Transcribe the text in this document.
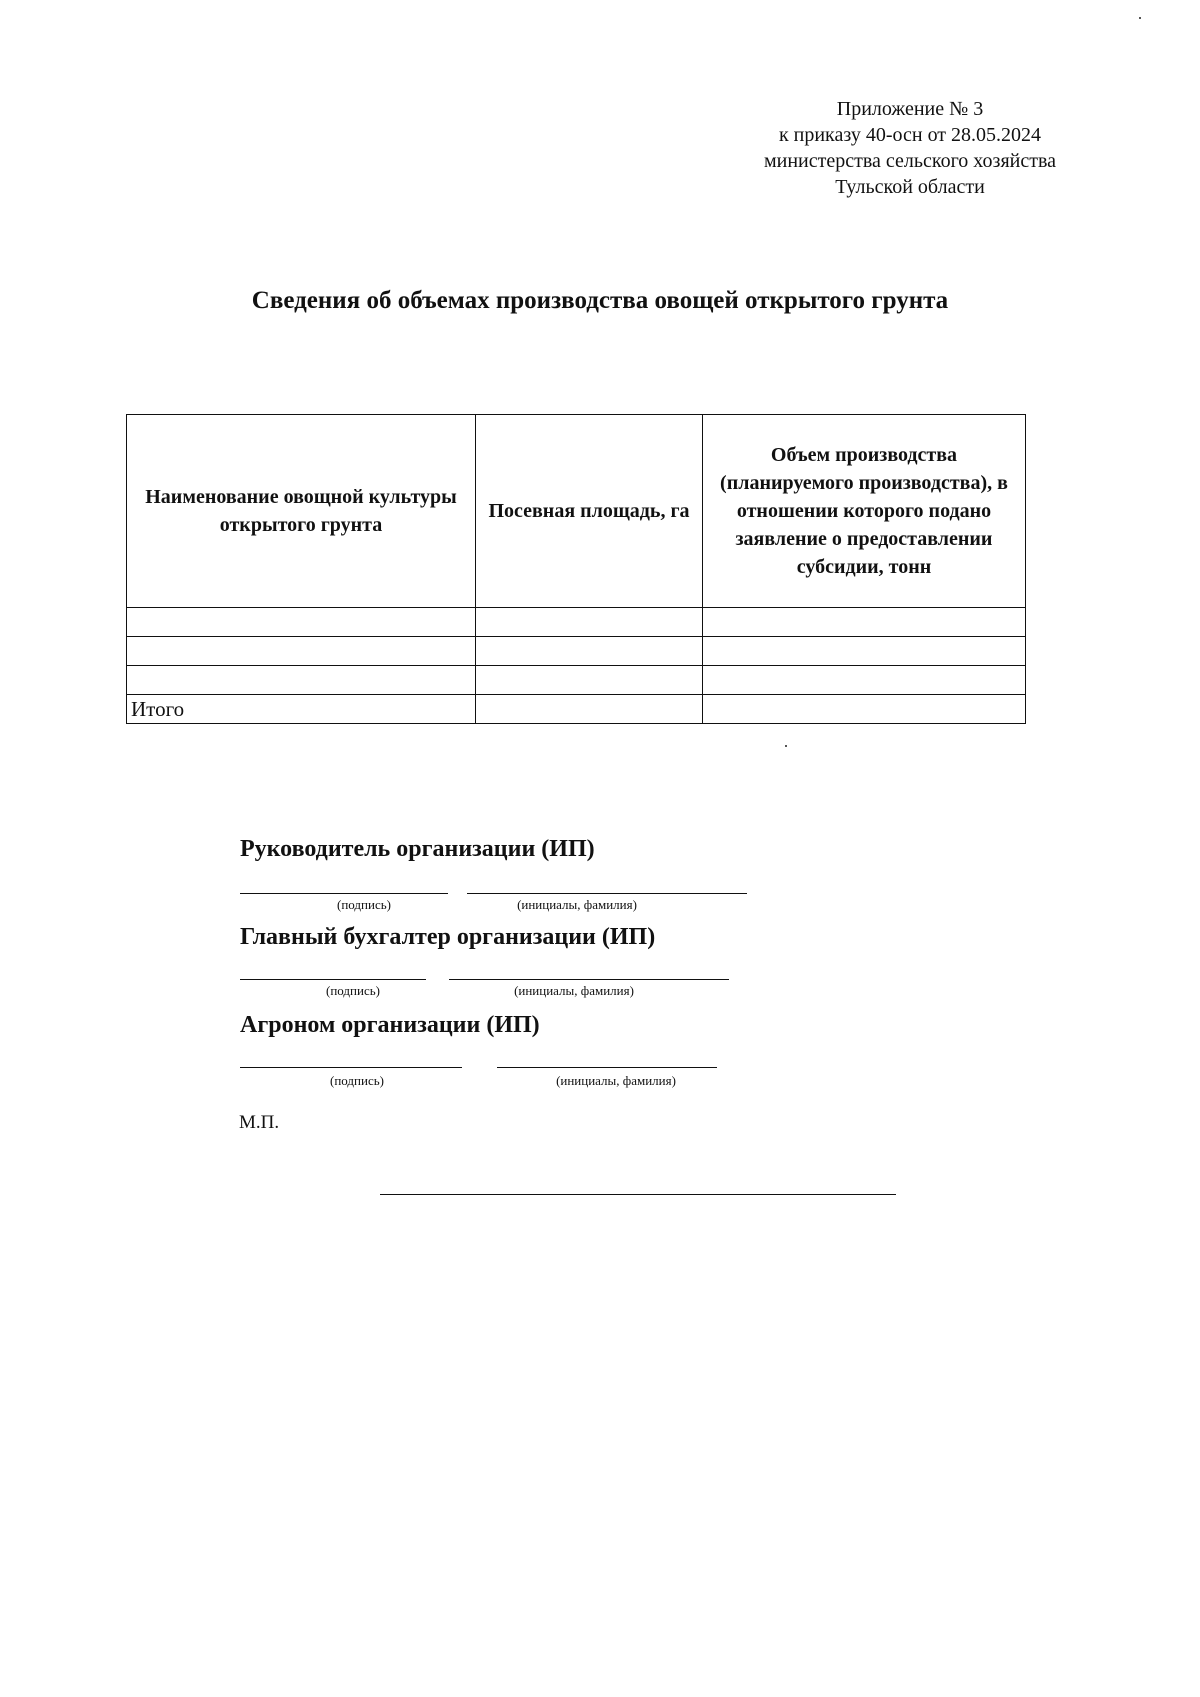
Приложение № 3
к приказу 40-осн от 28.05.2024
министерства сельского хозяйства
Тульской области
Сведения об объемах производства овощей открытого грунта
Наименование овощной культуры открытого грунта	Посевная площадь, га	Объем производства (планируемого производства), в отношении которого подано заявление о предоставлении субсидии, тонн

Итого		
Руководитель организации (ИП)
(подпись)	(инициалы, фамилия)
Главный бухгалтер организации (ИП)
(подпись)	(инициалы, фамилия)
Агроном организации (ИП)
(подпись)	(инициалы, фамилия)
М.П.
